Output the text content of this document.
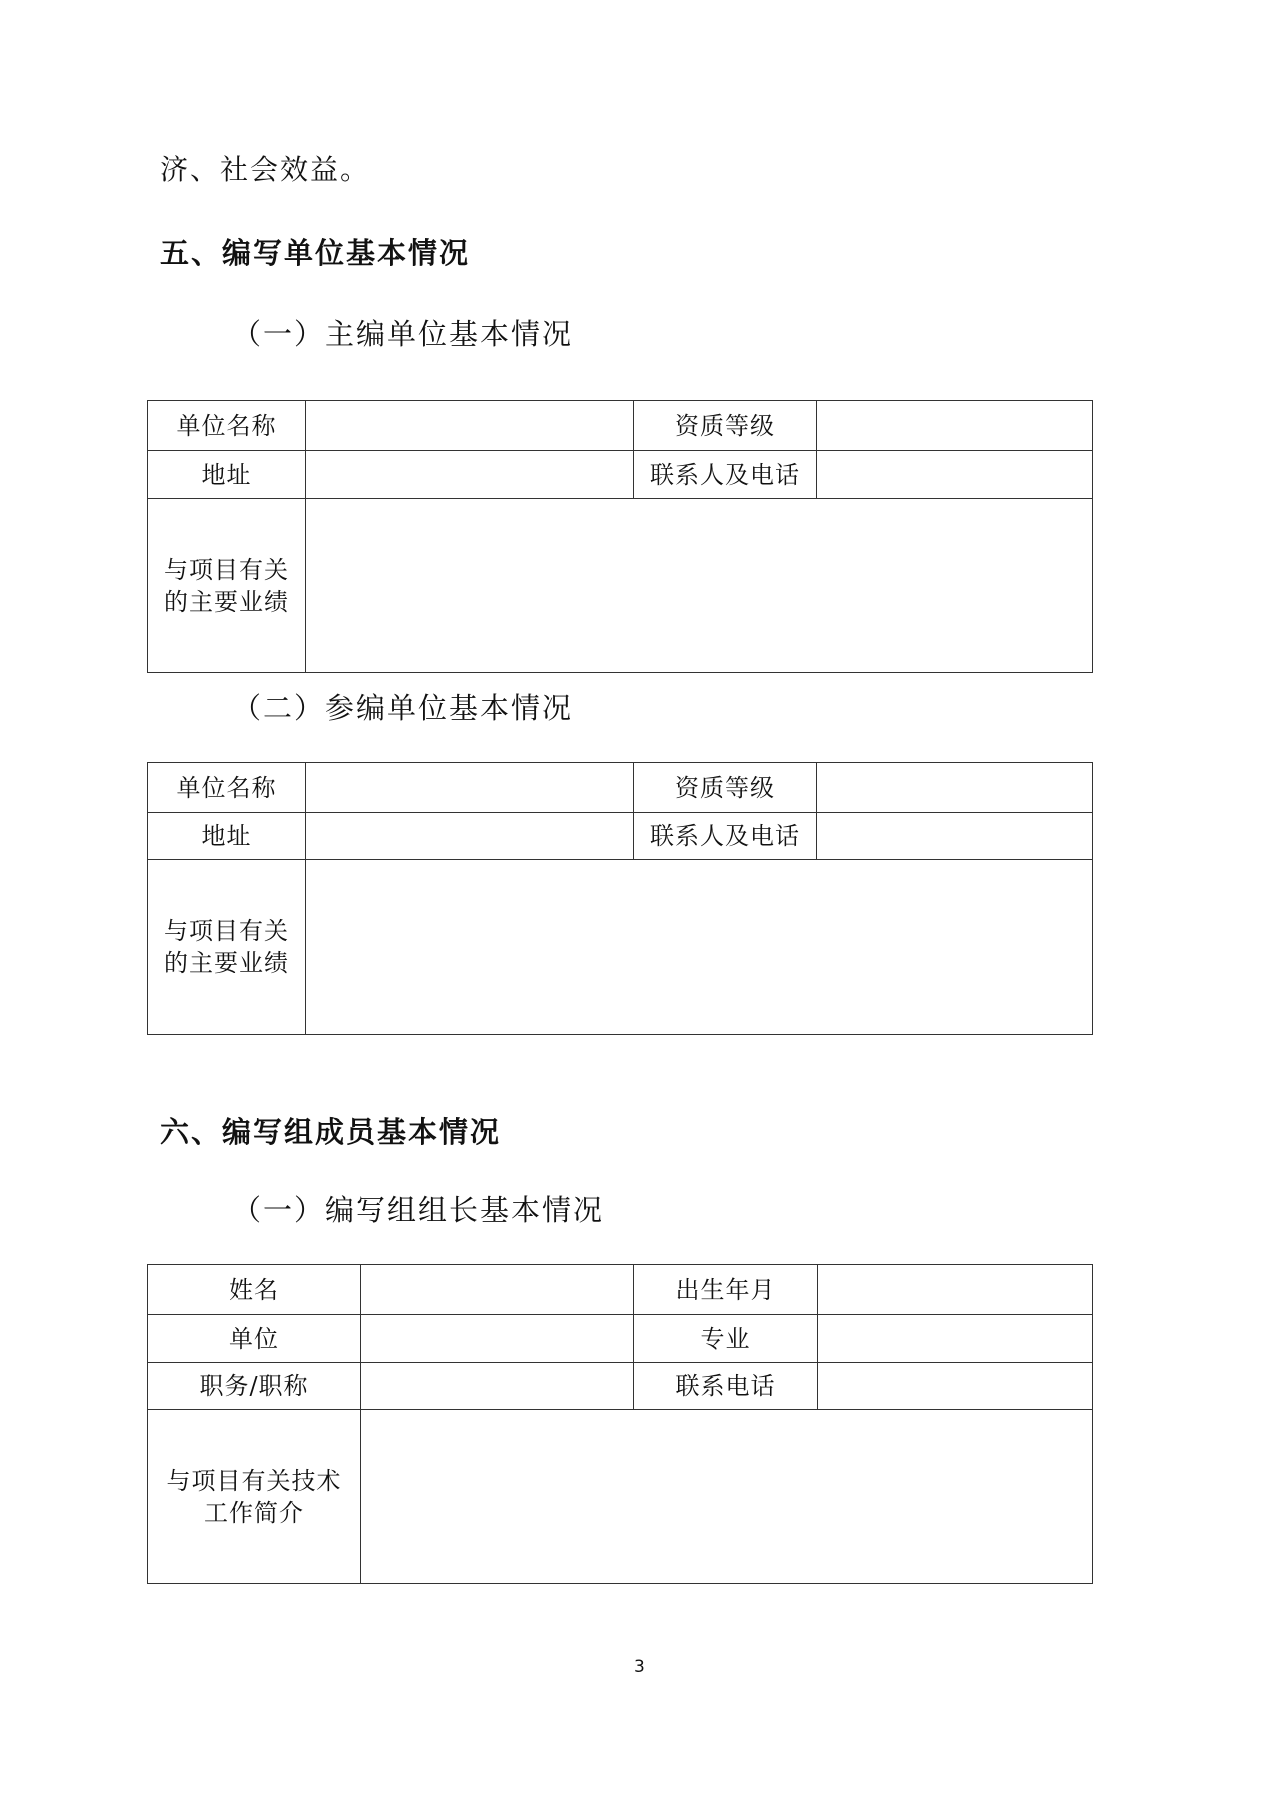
济、社会效益。
五、编写单位基本情况
（一）主编单位基本情况
单位名称		资质等级	
地址		联系人及电话	

与项目有关
的主要业绩			

（二）参编单位基本情况
单位名称		资质等级	
地址		联系人及电话	

与项目有关
的主要业绩			

六、编写组成员基本情况
（一）编写组组长基本情况
姓名		出生年月	
单位		专业	
职务/职称		联系电话	

与项目有关技术
工作简介			

3
